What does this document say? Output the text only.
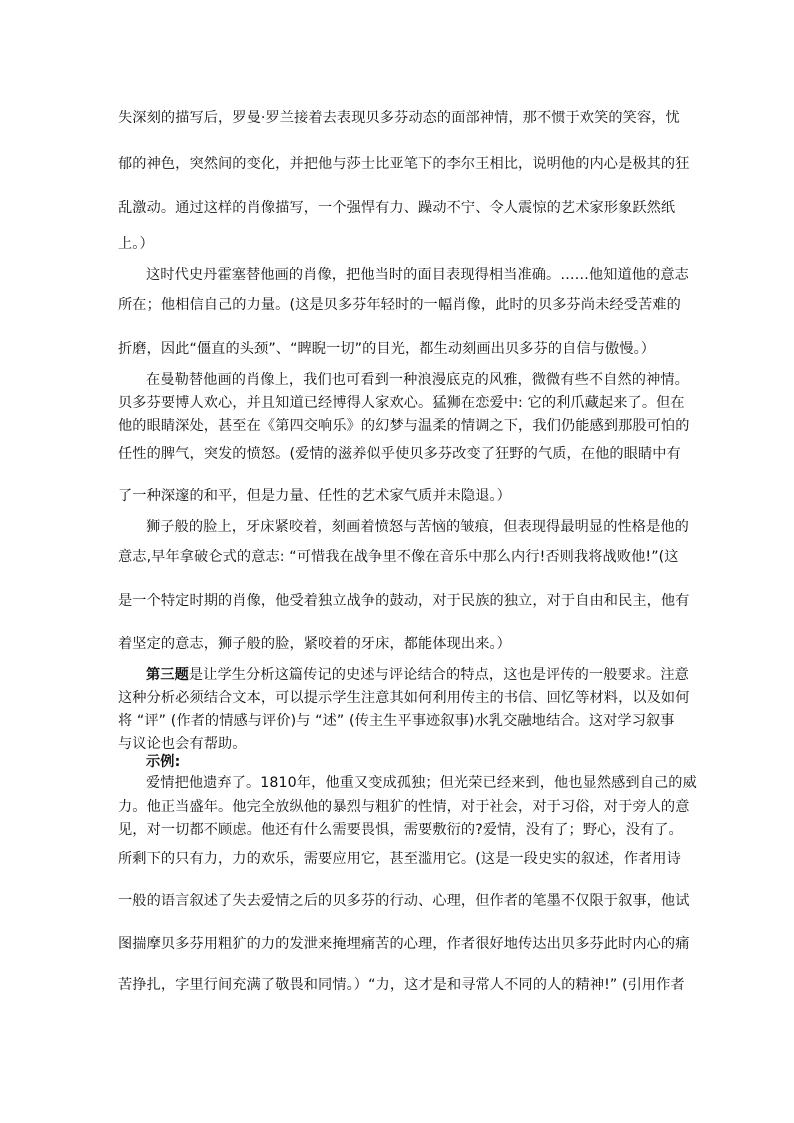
失深刻的描写后，罗曼·罗兰接着去表现贝多芬动态的面部神情，那不惯于欢笑的笑容，忧
郁的神色，突然间的变化，并把他与莎士比亚笔下的李尔王相比，说明他的内心是极其的狂
乱激动。通过这样的肖像描写，一个强悍有力、躁动不宁、令人震惊的艺术家形象跃然纸
上。）
这时代史丹霍塞替他画的肖像，把他当时的面目表现得相当准确。……他知道他的意志
所在；他相信自己的力量。(这是贝多芬年轻时的一幅肖像，此时的贝多芬尚未经受苦难的
折磨，因此“僵直的头颈”、“睥睨一切”的目光，都生动刻画出贝多芬的自信与傲慢。）
在曼勒替他画的肖像上，我们也可看到一种浪漫底克的风雅，微微有些不自然的神情。
贝多芬要博人欢心，并且知道已经博得人家欢心。猛狮在恋爱中: 它的利爪藏起来了。但在
他的眼睛深处，甚至在《第四交响乐》的幻梦与温柔的情调之下，我们仍能感到那股可怕的
任性的脾气，突发的愤怒。(爱情的滋养似乎使贝多芬改变了狂野的气质，在他的眼睛中有
了一种深邃的和平，但是力量、任性的艺术家气质并未隐退。）
狮子般的脸上，牙床紧咬着，刻画着愤怒与苦恼的皱痕，但表现得最明显的性格是他的
意志,早年拿破仑式的意志: “可惜我在战争里不像在音乐中那么内行!否则我将战败他!”(这
是一个特定时期的肖像，他受着独立战争的鼓动，对于民族的独立，对于自由和民主，他有
着坚定的意志，狮子般的脸，紧咬着的牙床，都能体现出来。）
第三题是让学生分析这篇传记的史述与评论结合的特点，这也是评传的一般要求。注意
这种分析必须结合文本，可以提示学生注意其如何利用传主的书信、回忆等材料，以及如何
将 “评” (作者的情感与评价)与 “述” (传主生平事迹叙事)水乳交融地结合。这对学习叙事
与议论也会有帮助。
示例:
爱情把他遗弃了。1810年，他重又变成孤独；但光荣已经来到，他也显然感到自己的威
力。他正当盛年。他完全放纵他的暴烈与粗犷的性情，对于社会，对于习俗，对于旁人的意
见，对一切都不顾虑。他还有什么需要畏惧，需要敷衍的?爱情，没有了；野心，没有了。
所剩下的只有力，力的欢乐，需要应用它，甚至滥用它。(这是一段史实的叙述，作者用诗
一般的语言叙述了失去爱情之后的贝多芬的行动、心理，但作者的笔墨不仅限于叙事，他试
图揣摩贝多芬用粗犷的力的发泄来掩埋痛苦的心理，作者很好地传达出贝多芬此时内心的痛
苦挣扎，字里行间充满了敬畏和同情。）“力，这才是和寻常人不同的人的精神!” (引用作者
